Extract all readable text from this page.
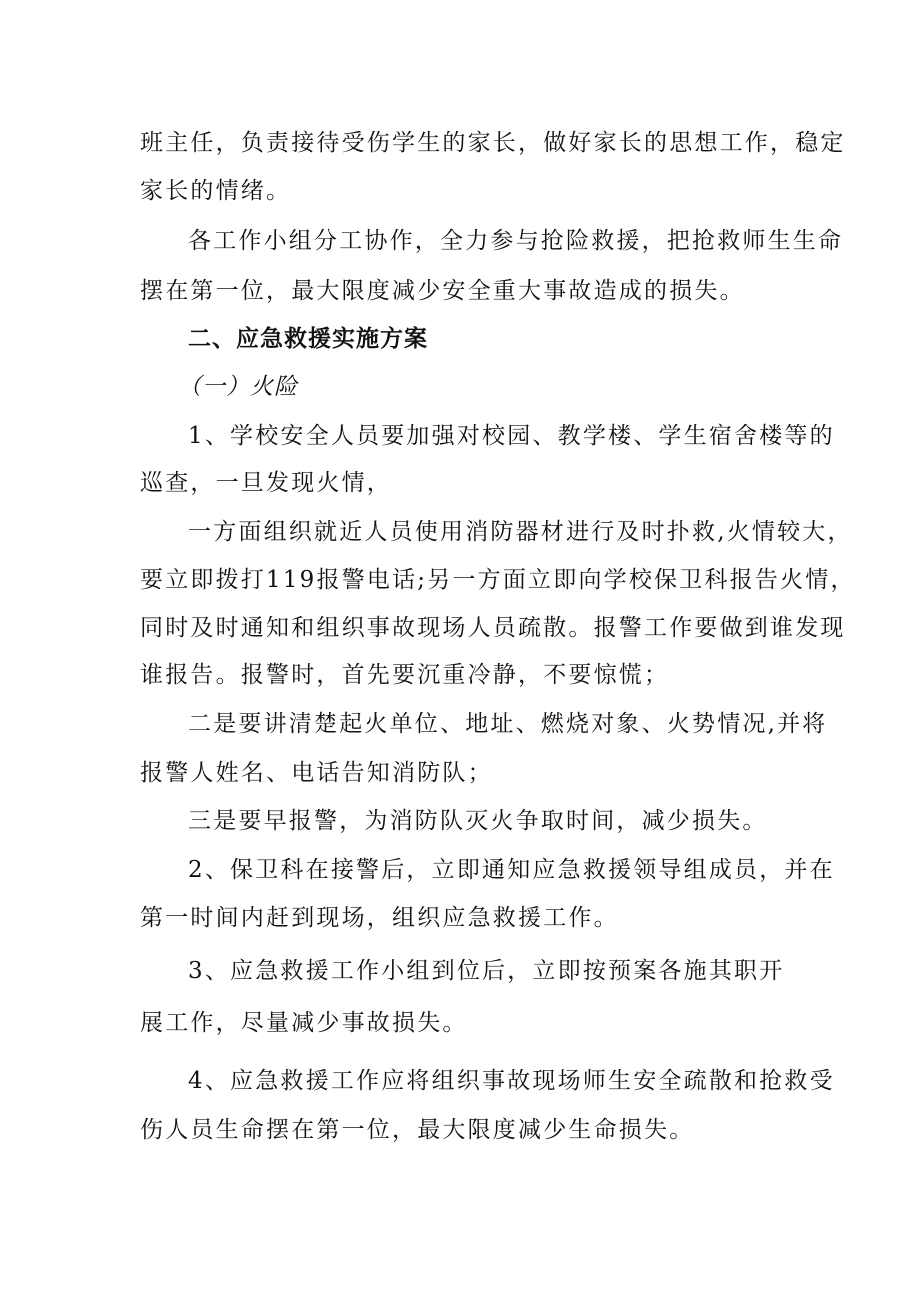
班主任，负责接待受伤学生的家长，做好家长的思想工作，稳定
家长的情绪。
各工作小组分工协作，全力参与抢险救援，把抢救师生生命
摆在第一位，最大限度减少安全重大事故造成的损失。
二、应急救援实施方案
（一）火险
1、学校安全人员要加强对校园、教学楼、学生宿舍楼等的
巡查，一旦发现火情，
一方面组织就近人员使用消防器材进行及时扑救,火情较大，
要立即拨打119报警电话;另一方面立即向学校保卫科报告火情，
同时及时通知和组织事故现场人员疏散。报警工作要做到谁发现
谁报告。报警时，首先要沉重冷静，不要惊慌；
二是要讲清楚起火单位、地址、燃烧对象、火势情况,并将
报警人姓名、电话告知消防队；
三是要早报警，为消防队灭火争取时间，减少损失。
2、保卫科在接警后，立即通知应急救援领导组成员，并在
第一时间内赶到现场，组织应急救援工作。
3、应急救援工作小组到位后，立即按预案各施其职开
展工作，尽量减少事故损失。
4、应急救援工作应将组织事故现场师生安全疏散和抢救受
伤人员生命摆在第一位，最大限度减少生命损失。
